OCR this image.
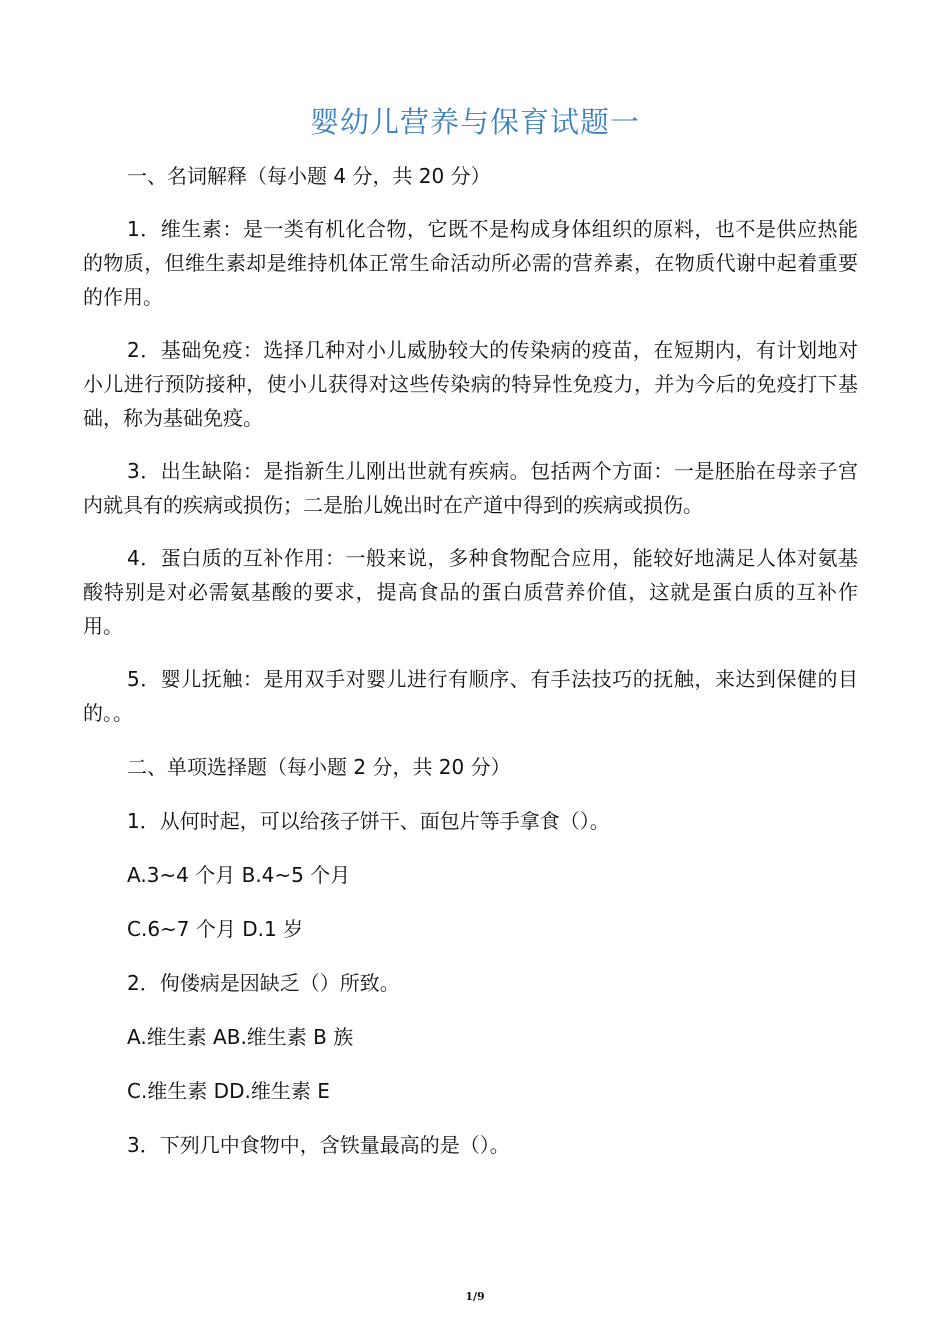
婴幼儿营养与保育试题一
一、名词解释（每小题 4 分，共 20 分）

1．维生素：是一类有机化合物，它既不是构成身体组织的原料，也不是供应热能的物质，但维生素却是维持机体正常生命活动所必需的营养素，在物质代谢中起着重要的作用。

2．基础免疫：选择几种对小儿威胁较大的传染病的疫苗，在短期内，有计划地对小儿进行预防接种，使小儿获得对这些传染病的特异性免疫力，并为今后的免疫打下基础，称为基础免疫。

3．出生缺陷：是指新生儿刚出世就有疾病。包括两个方面：一是胚胎在母亲子宫内就具有的疾病或损伤；二是胎儿娩出时在产道中得到的疾病或损伤。

4．蛋白质的互补作用：一般来说，多种食物配合应用，能较好地满足人体对氨基酸特别是对必需氨基酸的要求，提高食品的蛋白质营养价值，这就是蛋白质的互补作用。

5．婴儿抚触：是用双手对婴儿进行有顺序、有手法技巧的抚触，来达到保健的目的。。

二、单项选择题（每小题 2 分，共 20 分）
1．从何时起，可以给孩子饼干、面包片等手拿食（）。
A.3~4 个月 B.4~5 个月
C.6~7 个月 D.1 岁
2．佝偻病是因缺乏（）所致。
A.维生素 AB.维生素 B 族
C.维生素 DD.维生素 E
3．下列几中食物中，含铁量最高的是（）。
1/9
